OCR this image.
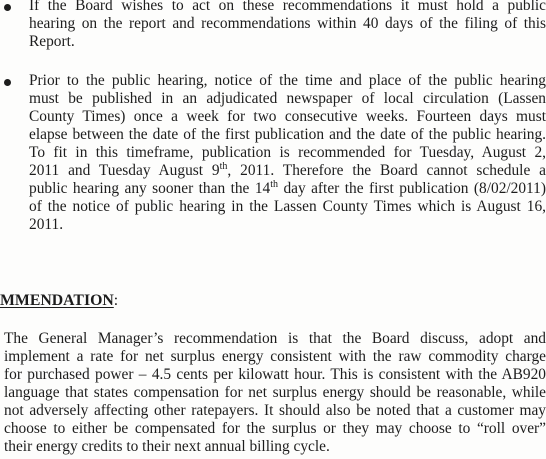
If the Board wishes to act on these recommendations it must hold a public
hearing on the report and recommendations within 40 days of the filing of this
Report.
Prior to the public hearing, notice of the time and place of the public hearing
must be published in an adjudicated newspaper of local circulation (Lassen
County Times) once a week for two consecutive weeks. Fourteen days must
elapse between the date of the first publication and the date of the public hearing.
To fit in this timeframe, publication is recommended for Tuesday, August 2,
2011 and Tuesday August 9th, 2011. Therefore the Board cannot schedule a
public hearing any sooner than the 14th day after the first publication (8/02/2011)
of the notice of public hearing in the Lassen County Times which is August 16,
2011.
MMENDATION:
The General Manager’s recommendation is that the Board discuss, adopt and
implement a rate for net surplus energy consistent with the raw commodity charge
for purchased power – 4.5 cents per kilowatt hour. This is consistent with the AB920
language that states compensation for net surplus energy should be reasonable, while
not adversely affecting other ratepayers. It should also be noted that a customer may
choose to either be compensated for the surplus or they may choose to “roll over”
their energy credits to their next annual billing cycle.
